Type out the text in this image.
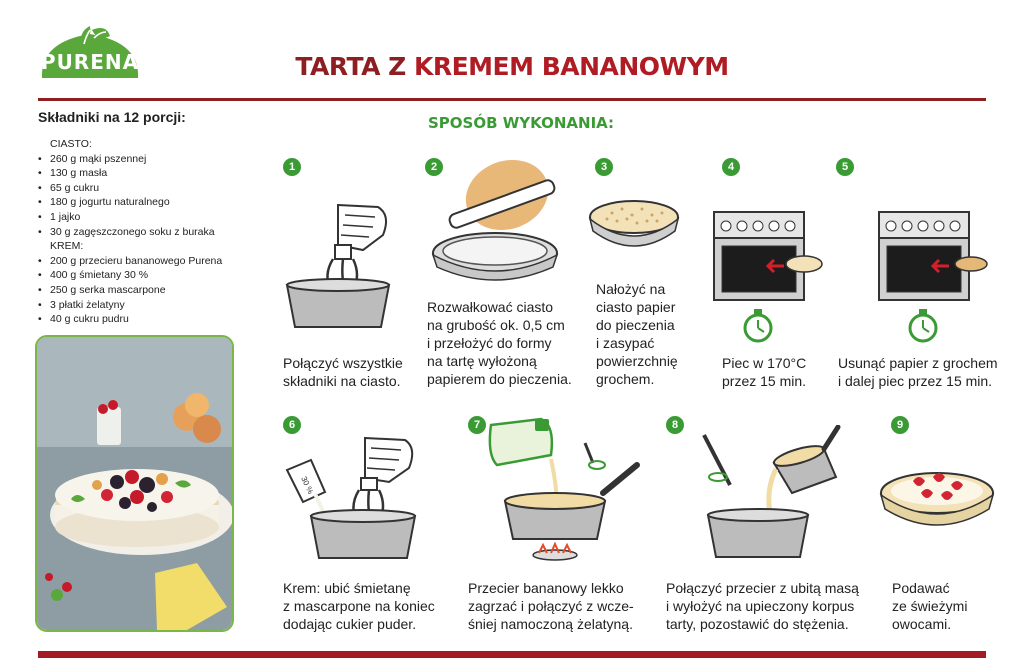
PURENA	TARTA Z KREMEM BANANOWYM
Składniki na 12 porcji:
CIASTO:
• 260 g mąki pszennej
• 130 g masła
• 65 g cukru
• 180 g jogurtu naturalnego
• 1 jajko
• 30 g zagęszczonego soku z buraka
KREM:
• 200 g przecieru bananowego Purena
• 400 g śmietany 30 %
• 250 g serka mascarpone
• 3 płatki żelatyny
• 40 g cukru pudru
SPOSÓB WYKONANIA:
1	2	3	4	5
6	7	8	9
30 %
Połączyć wszystkie
składniki na ciasto.
Rozwałkować ciasto
na grubość ok. 0,5 cm
i przełożyć do formy
na tartę wyłożoną
papierem do pieczenia.
Nałożyć na
ciasto papier
do pieczenia
i zasypać
powierzchnię
grochem.
Piec w 170°C
przez 15 min.
Usunąć papier z grochem
i dalej piec przez 15 min.
Krem: ubić śmietanę
z mascarpone na koniec
dodając cukier puder.
Przecier bananowy lekko
zagrzać i połączyć z wcze-
śniej namoczoną żelatyną.
Połączyć przecier z ubitą masą
i wyłożyć na upieczony korpus
tarty, pozostawić do stężenia.
Podawać
ze świeżymi
owocami.
